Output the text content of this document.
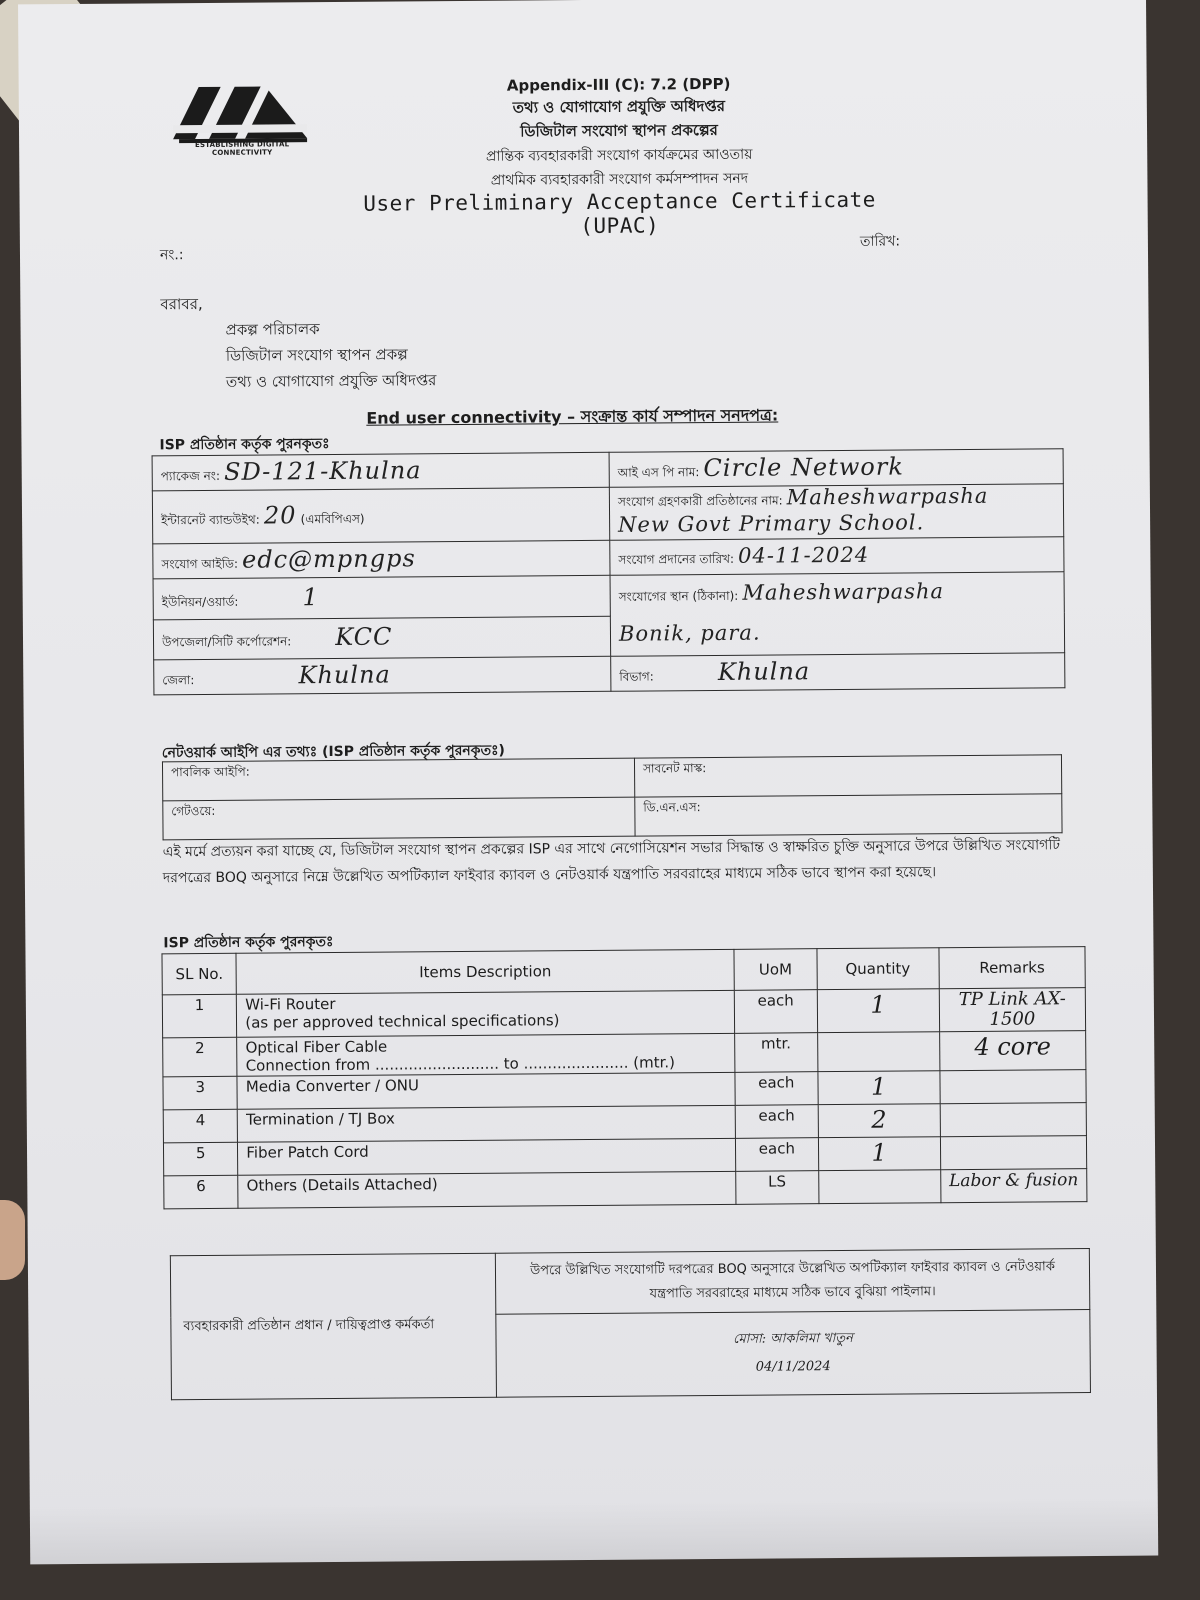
ESTABLISHING DIGITAL CONNECTIVITY
Appendix-III (C): 7.2 (DPP)
তথ্য ও যোগাযোগ প্রযুক্তি অধিদপ্তর
ডিজিটাল সংযোগ স্থাপন প্রকল্পের
প্রান্তিক ব্যবহারকারী সংযোগ কার্যক্রমের আওতায়
প্রাথমিক ব্যবহারকারী সংযোগ কর্মসম্পাদন সনদ
User Preliminary Acceptance Certificate (UPAC)
নং.:
তারিখ:
বরাবর,
প্রকল্প পরিচালক
ডিজিটাল সংযোগ স্থাপন প্রকল্প
তথ্য ও যোগাযোগ প্রযুক্তি অধিদপ্তর
End user connectivity – সংক্রান্ত কার্য সম্পাদন সনদপত্র:
ISP প্রতিষ্ঠান কর্তৃক পুরনকৃতঃ
প্যাকেজ নং: SD-121-Khulna	আই এস পি নাম: Circle Network
ইন্টারনেট ব্যান্ডউইথ: 20 (এমবিপিএস)	সংযোগ গ্রহণকারী প্রতিষ্ঠানের নাম: Maheshwarpasha
New Govt Primary School.
সংযোগ আইডি: edc@mpngps	সংযোগ প্রদানের তারিখ: 04-11-2024
ইউনিয়ন/ওয়ার্ড: 1	সংযোগের স্থান (ঠিকানা): Maheshwarpasha
Bonik, para.
উপজেলা/সিটি কর্পোরেশন: KCC	
জেলা: Khulna	বিভাগ: Khulna
নেটওয়ার্ক আইপি এর তথ্যঃ (ISP প্রতিষ্ঠান কর্তৃক পুরনকৃতঃ)
পাবলিক আইপি:	সাবনেট মাস্ক:
গেটওয়ে:	ডি.এন.এস:
এই মর্মে প্রত্যয়ন করা যাচ্ছে যে, ডিজিটাল সংযোগ স্থাপন প্রকল্পের ISP এর সাথে নেগোসিয়েশন সভার সিদ্ধান্ত ও স্বাক্ষরিত চুক্তি অনুসারে উপরে উল্লিখিত সংযোগটি দরপত্রের BOQ অনুসারে নিম্নে উল্লেখিত অপটিক্যাল ফাইবার ক্যাবল ও নেটওয়ার্ক যন্ত্রপাতি সরবরাহের মাধ্যমে সঠিক ভাবে স্থাপন করা হয়েছে।
ISP প্রতিষ্ঠান কর্তৃক পুরনকৃতঃ
SL No.	Items Description	UoM	Quantity	Remarks
1	Wi-Fi Router
(as per approved technical specifications)	each	1	TP Link AX-1500
2	Optical Fiber Cable
Connection from .......................... to ...................... (mtr.)	mtr.		4 core
3	Media Converter / ONU	each	1	
4	Termination / TJ Box	each	2	
5	Fiber Patch Cord	each	1	
6	Others (Details Attached)	LS		Labor & fusion
ব্যবহারকারী প্রতিষ্ঠান প্রধান / দায়িত্বপ্রাপ্ত কর্মকর্তা	উপরে উল্লিখিত সংযোগটি দরপত্রের BOQ অনুসারে উল্লেখিত অপটিক্যাল ফাইবার ক্যাবল ও নেটওয়ার্ক যন্ত্রপাতি সরবরাহের মাধ্যমে সঠিক ভাবে বুঝিয়া পাইলাম।

মোসা: আকলিমা খাতুন
04/11/2024
